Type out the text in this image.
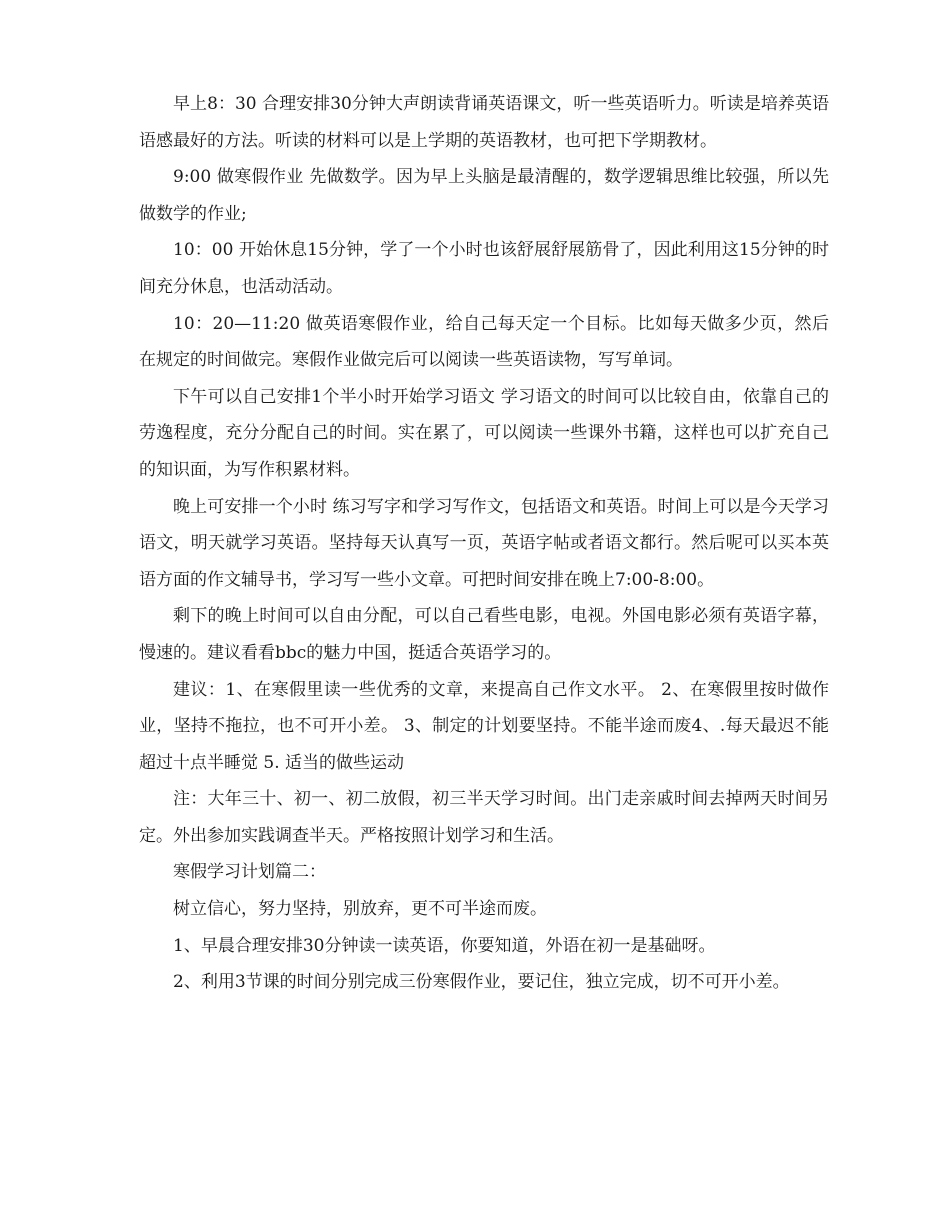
早上8：30 合理安排30分钟大声朗读背诵英语课文，听一些英语听力。听读是培养英语语感最好的方法。听读的材料可以是上学期的英语教材，也可把下学期教材。

9:00 做寒假作业 先做数学。因为早上头脑是最清醒的，数学逻辑思维比较强，所以先做数学的作业;

10：00 开始休息15分钟，学了一个小时也该舒展舒展筋骨了，因此利用这15分钟的时间充分休息，也活动活动。

10：20—11:20 做英语寒假作业，给自己每天定一个目标。比如每天做多少页，然后在规定的时间做完。寒假作业做完后可以阅读一些英语读物，写写单词。

下午可以自己安排1个半小时开始学习语文 学习语文的时间可以比较自由，依靠自己的劳逸程度，充分分配自己的时间。实在累了，可以阅读一些课外书籍，这样也可以扩充自己的知识面，为写作积累材料。

晚上可安排一个小时 练习写字和学习写作文，包括语文和英语。时间上可以是今天学习语文，明天就学习英语。坚持每天认真写一页，英语字帖或者语文都行。然后呢可以买本英语方面的作文辅导书，学习写一些小文章。可把时间安排在晚上7:00-8:00。

剩下的晚上时间可以自由分配，可以自己看些电影，电视。外国电影必须有英语字幕，慢速的。建议看看bbc的魅力中国，挺适合英语学习的。

建议：1、在寒假里读一些优秀的文章，来提高自己作文水平。 2、在寒假里按时做作业，坚持不拖拉，也不可开小差。 3、制定的计划要坚持。不能半途而废4、.每天最迟不能超过十点半睡觉 5. 适当的做些运动

注：大年三十、初一、初二放假，初三半天学习时间。出门走亲戚时间去掉两天时间另定。外出参加实践调查半天。严格按照计划学习和生活。

寒假学习计划篇二：

树立信心，努力坚持，别放弃，更不可半途而废。

1、早晨合理安排30分钟读一读英语，你要知道，外语在初一是基础呀。

2、利用3节课的时间分别完成三份寒假作业，要记住，独立完成，切不可开小差。
